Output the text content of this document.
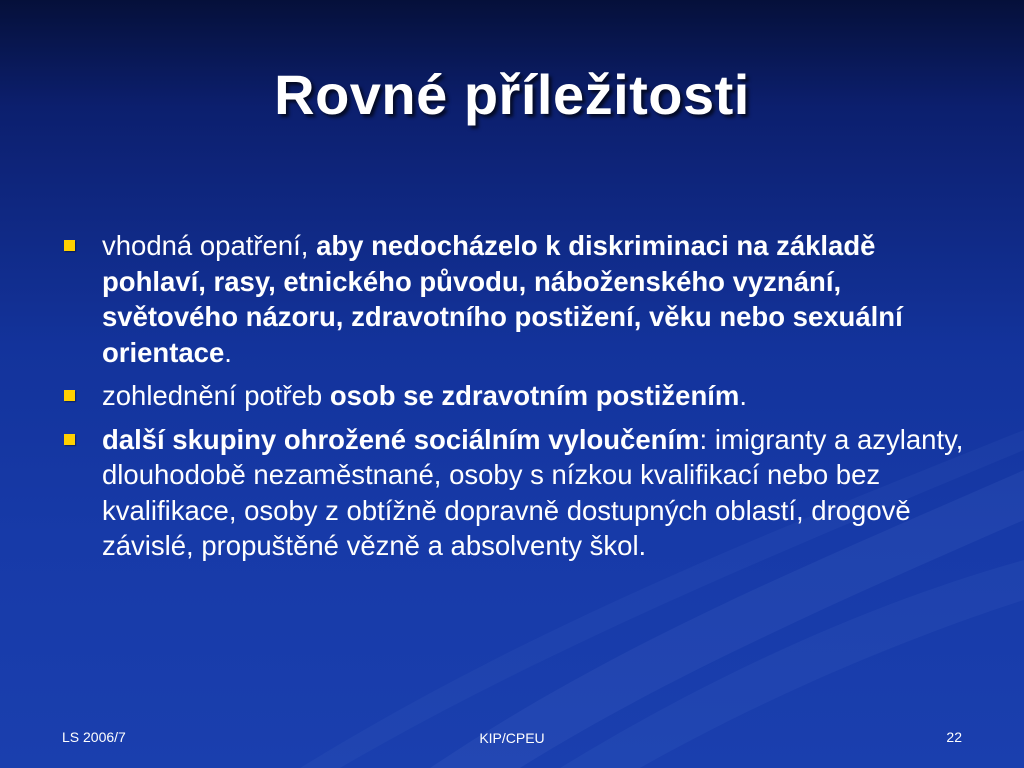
Rovné příležitosti
vhodná opatření, aby nedocházelo k diskriminaci na základě pohlaví, rasy, etnického původu, náboženského vyznání, světového názoru, zdravotního postižení, věku nebo sexuální orientace.
zohlednění potřeb osob se zdravotním postižením.
další skupiny ohrožené sociálním vyloučením: imigranty a azylanty, dlouhodobě nezaměstnané, osoby s nízkou kvalifikací nebo bez kvalifikace, osoby z obtížně dopravně dostupných oblastí, drogově závislé, propuštěné vězně a absolventy škol.
LS 2006/7	KIP/CPEU	22
